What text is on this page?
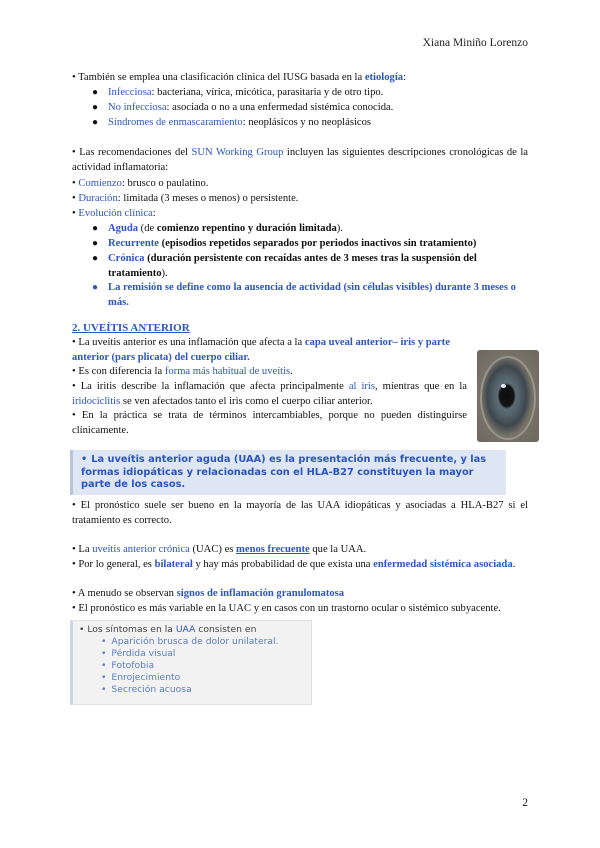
Xiana Miniño Lorenzo
• También se emplea una clasificación clínica del IUSG basada en la etiología:
● Infecciosa: bacteriana, vírica, micótica, parasitaria y de otro tipo.
● No infecciosa: asociada o no a una enfermedad sistémica conocida.
● Síndromes de enmascaramiento: neoplásicos y no neoplásicos
• Las recomendaciones del SUN Working Group incluyen las siguientes descripciones cronológicas de la actividad inflamatoria:
• Comienzo: brusco o paulatino.
• Duración: limitada (3 meses o menos) o persistente.
• Evolución clínica:
● Aguda (de comienzo repentino y duración limitada).
● Recurrente (episodios repetidos separados por periodos inactivos sin tratamiento)
● Crónica (duración persistente con recaídas antes de 3 meses tras la suspensión del tratamiento).
● La remisión se define como la ausencia de actividad (sin células visibles) durante 3 meses o más.
2. UVEÍTIS ANTERIOR
• La uveítis anterior es una inflamación que afecta a la capa uveal anterior– iris y parte anterior (pars plicata) del cuerpo ciliar.
• Es con diferencia la forma más habitual de uveítis.
• La iritis describe la inflamación que afecta principalmente al iris, mientras que en la iridociclitis se ven afectados tanto el iris como el cuerpo ciliar anterior.
• En la práctica se trata de términos intercambiables, porque no pueden distinguirse clínicamente.
• La uveítis anterior aguda (UAA) es la presentación más frecuente, y las formas idiopáticas y relacionadas con el HLA-B27 constituyen la mayor parte de los casos.
• El pronóstico suele ser bueno en la mayoría de las UAA idiopáticas y asociadas a HLA-B27 si el tratamiento es correcto.
• La uveítis anterior crónica (UAC) es menos frecuente que la UAA.
• Por lo general, es bilateral y hay más probabilidad de que exista una enfermedad sistémica asociada.
• A menudo se observan signos de inflamación granulomatosa
• El pronóstico es más variable en la UAC y en casos con un trastorno ocular o sistémico subyacente.
• Los síntomas en la UAA consisten en
• Aparición brusca de dolor unilateral.
• Pérdida visual
• Fotofobia
• Enrojecimiento
• Secreción acuosa
2
